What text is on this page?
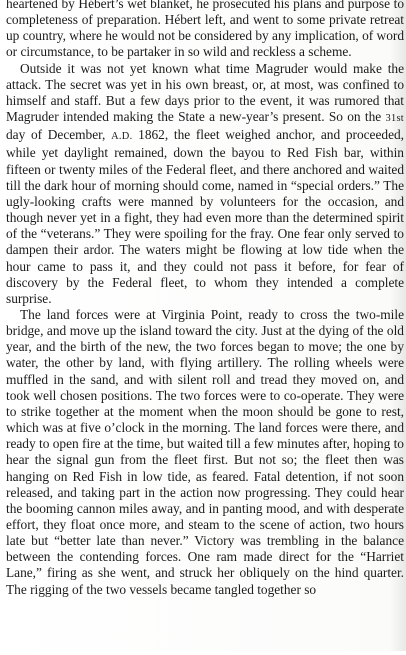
heartened by Hébert’s wet blanket, he prosecuted his plans and purpose to completeness of preparation. Hébert left, and went to some private retreat up country, where he would not be considered by any implication, of word or circumstance, to be partaker in so wild and reckless a scheme.

Outside it was not yet known what time Magruder would make the attack. The secret was yet in his own breast, or, at most, was confined to himself and staff. But a few days prior to the event, it was rumored that Magruder intended making the State a new-year’s present. So on the 31st day of December, A.D. 1862, the fleet weighed anchor, and proceeded, while yet daylight remained, down the bayou to Red Fish bar, within fifteen or twenty miles of the Federal fleet, and there anchored and waited till the dark hour of morning should come, named in “special orders.” The ugly-looking crafts were manned by volunteers for the occasion, and though never yet in a fight, they had even more than the determined spirit of the “veterans.” They were spoiling for the fray. One fear only served to dampen their ardor. The waters might be flowing at low tide when the hour came to pass it, and they could not pass it before, for fear of discovery by the Federal fleet, to whom they intended a complete surprise.

The land forces were at Virginia Point, ready to cross the two-mile bridge, and move up the island toward the city. Just at the dying of the old year, and the birth of the new, the two forces began to move; the one by water, the other by land, with flying artillery. The rolling wheels were muffled in the sand, and with silent roll and tread they moved on, and took well chosen positions. The two forces were to co-operate. They were to strike together at the moment when the moon should be gone to rest, which was at five o’clock in the morning. The land forces were there, and ready to open fire at the time, but waited till a few minutes after, hoping to hear the signal gun from the fleet first. But not so; the fleet then was hanging on Red Fish in low tide, as feared. Fatal detention, if not soon released, and taking part in the action now progressing. They could hear the booming cannon miles away, and in panting mood, and with desperate effort, they float once more, and steam to the scene of action, two hours late but “better late than never.” Victory was trembling in the balance between the contending forces. One ram made direct for the “Harriet Lane,” firing as she went, and struck her obliquely on the hind quarter. The rigging of the two vessels became tangled together so
